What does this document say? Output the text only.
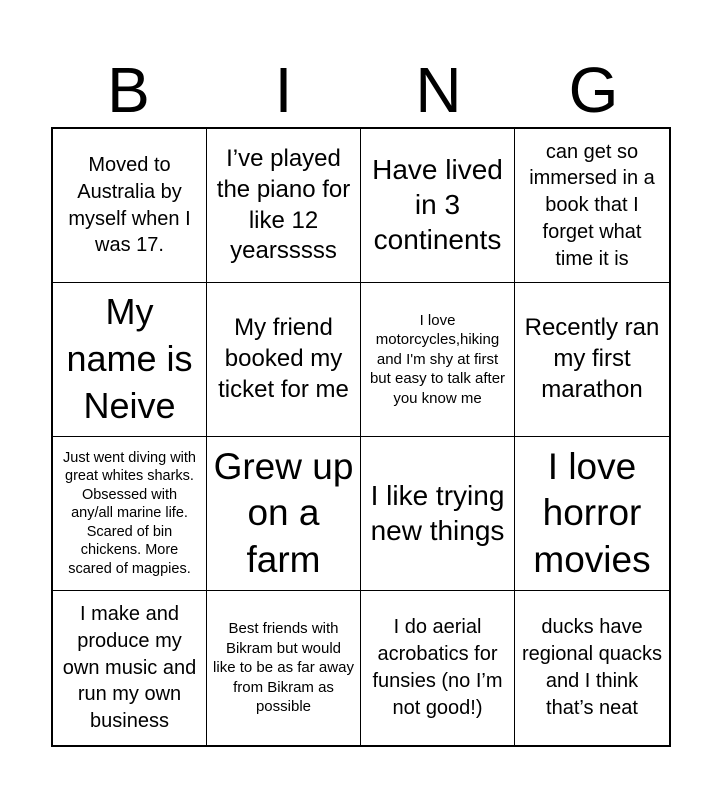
B	I	N	G
Moved to Australia by myself when I was 17.
I’ve played the piano for like 12 yearsssss
Have lived in 3 continents
can get so immersed in a book that I forget what time it is
My name is Neive
My friend booked my ticket for me
I love motorcycles,hiking and I'm shy at first but easy to talk after you know me
Recently ran my first marathon
Just went diving with great whites sharks. Obsessed with any/all marine life. Scared of bin chickens. More scared of magpies.
Grew up on a farm
I like trying new things
I love horror movies
I make and produce my own music and run my own business
Best friends with Bikram but would like to be as far away from Bikram as possible
I do aerial acrobatics for funsies (no I’m not good!)
ducks have regional quacks and I think that’s neat
